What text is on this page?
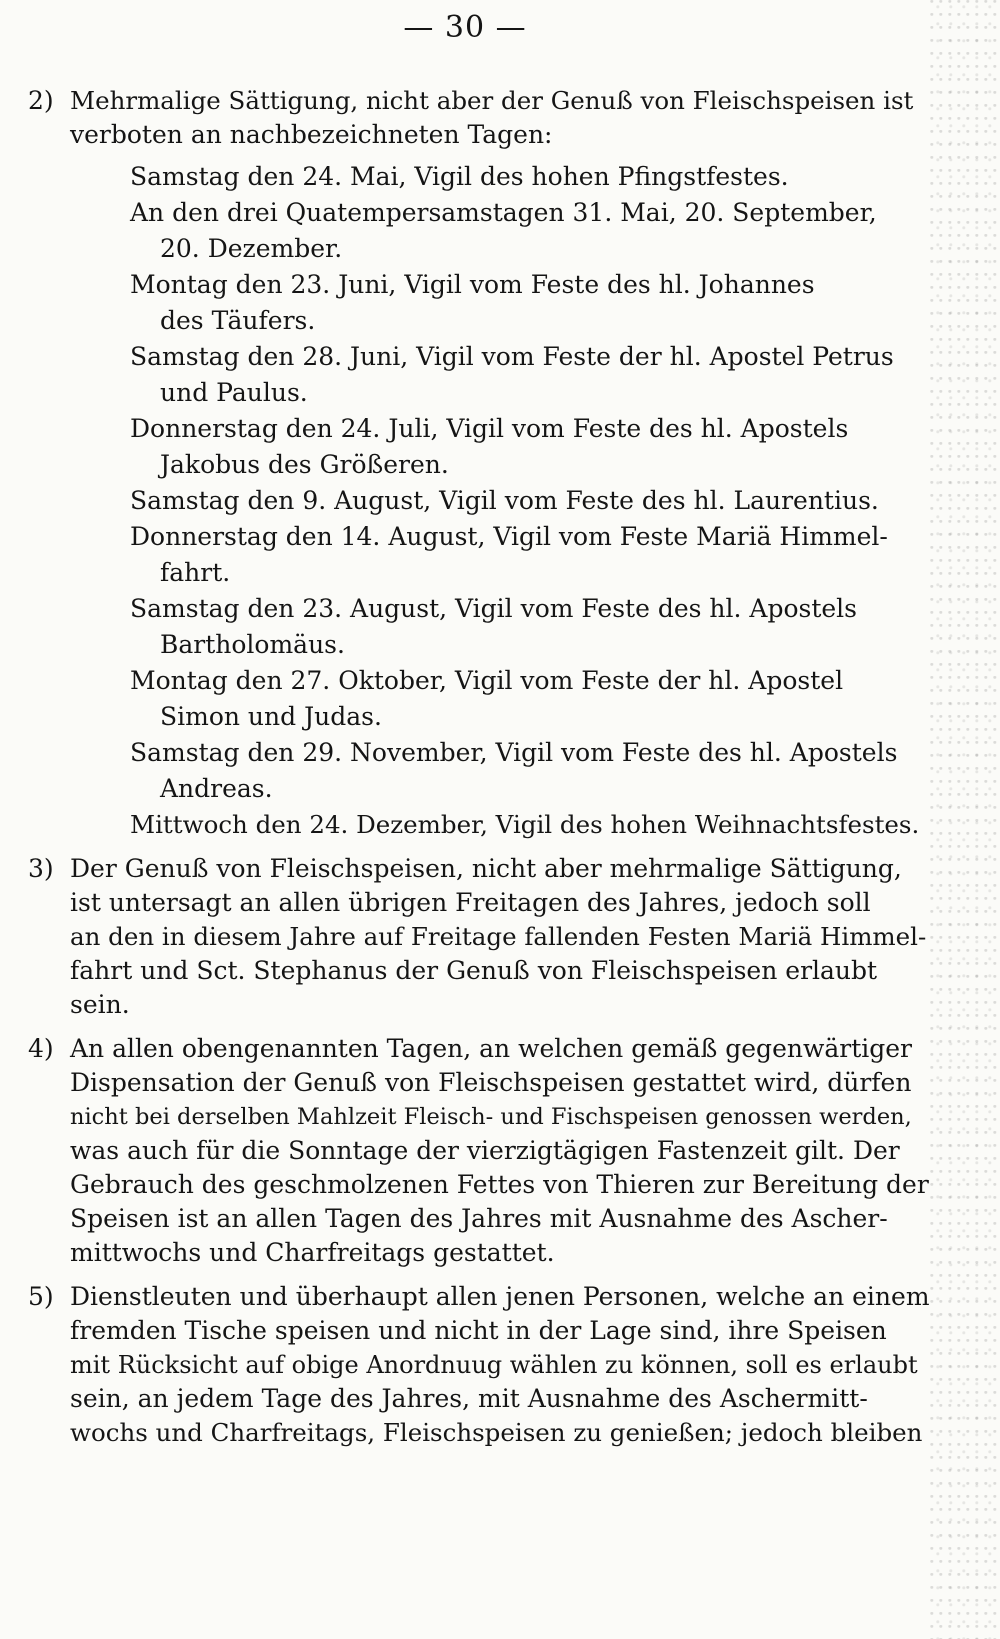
— 30 —
2) Mehrmalige Sättigung, nicht aber der Genuß von Fleischspeisen ist
verboten an nachbezeichneten Tagen:
Samstag den 24. Mai, Vigil des hohen Pfingstfestes.
An den drei Quatempersamstagen 31. Mai, 20. September,
20. Dezember.
Montag den 23. Juni, Vigil vom Feste des hl. Johannes
des Täufers.
Samstag den 28. Juni, Vigil vom Feste der hl. Apostel Petrus
und Paulus.
Donnerstag den 24. Juli, Vigil vom Feste des hl. Apostels
Jakobus des Größeren.
Samstag den 9. August, Vigil vom Feste des hl. Laurentius.
Donnerstag den 14. August, Vigil vom Feste Mariä Himmel-
fahrt.
Samstag den 23. August, Vigil vom Feste des hl. Apostels
Bartholomäus.
Montag den 27. Oktober, Vigil vom Feste der hl. Apostel
Simon und Judas.
Samstag den 29. November, Vigil vom Feste des hl. Apostels
Andreas.
Mittwoch den 24. Dezember, Vigil des hohen Weihnachtsfestes.
3) Der Genuß von Fleischspeisen, nicht aber mehrmalige Sättigung,
ist untersagt an allen übrigen Freitagen des Jahres, jedoch soll
an den in diesem Jahre auf Freitage fallenden Festen Mariä Himmel-
fahrt und Sct. Stephanus der Genuß von Fleischspeisen erlaubt
sein.
4) An allen obengenannten Tagen, an welchen gemäß gegenwärtiger
Dispensation der Genuß von Fleischspeisen gestattet wird, dürfen
nicht bei derselben Mahlzeit Fleisch- und Fischspeisen genossen werden,
was auch für die Sonntage der vierzigtägigen Fastenzeit gilt. Der
Gebrauch des geschmolzenen Fettes von Thieren zur Bereitung der
Speisen ist an allen Tagen des Jahres mit Ausnahme des Ascher-
mittwochs und Charfreitags gestattet.
5) Dienstleuten und überhaupt allen jenen Personen, welche an einem
fremden Tische speisen und nicht in der Lage sind, ihre Speisen
mit Rücksicht auf obige Anordnuug wählen zu können, soll es erlaubt
sein, an jedem Tage des Jahres, mit Ausnahme des Aschermitt-
wochs und Charfreitags, Fleischspeisen zu genießen; jedoch bleiben
